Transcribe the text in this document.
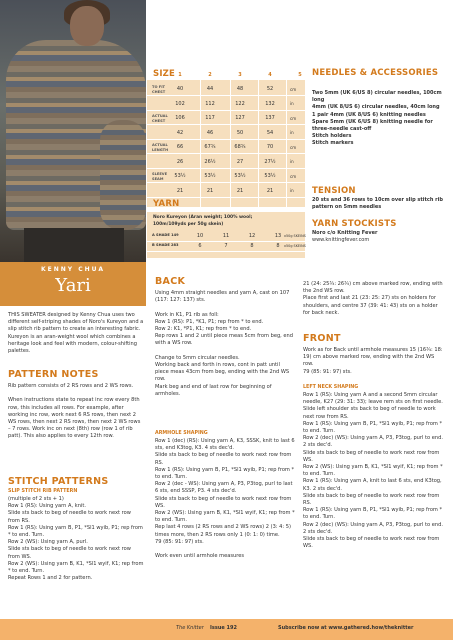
KENNY CHUA
Yari
SIZE 1	2	3	4	5
TO FIT CHEST	40	44	48	52	cm
102	112	122	132	in
ACTUAL CHEST	106	117	127	137	cm
42	46	50	54	in
ACTUAL LENGTH	66	67¾	68¾	70	cm
26	26½	27	27½	in
SLEEVE SEAM	53½	53½	53½	53½	cm
21	21	21	21	in
YARN
Noro Kureyon (Aran weight; 100% wool;
100m/109yds per 50g skein)
A SHADE 149	10	11	12	13 x50g SKEINS
B SHADE 283	6	7	8	8	x50g SKEINS
NEEDLES & ACCESSORIES
Two 5mm (UK 6/US 8) circular needles, 100cm long
4mm (UK 8/US 6) circular needles, 40cm long
1 pair 4mm (UK 8/US 6) knitting needles
Spare 5mm (UK 6/US 8) knitting needle for three-needle cast-off
Stitch holders
Stitch markers
TENSION
20 sts and 36 rows to 10cm over slip stitch rib pattern on 5mm needles
YARN STOCKISTS
Noro c/o Knitting Fever
www.knittingfever.com
THIS SWEATER designed by Kenny Chua uses two different self-striping shades of Noro's Kureyon and a slip stitch rib pattern to create an interesting fabric. Kureyon is an aran-weight wool which combines a heritage look and feel with modern, colour-shifting palettes.
PATTERN NOTES
Rib pattern consists of 2 RS rows and 2 WS rows.

When instructions state to repeat inc row every 8th row, this includes all rows. For example, after working inc row, work next 6 RS rows, then next 2 WS rows, then next 2 RS rows, then next 2 WS rows – 7 rows. Work inc on next (8th) row (row 1 of rib patt). This also applies to every 12th row.
STITCH PATTERNS
SLIP STITCH RIB PATTERN
(multiple of 2 sts + 1)
Row 1 (RS): Using yarn A, knit.
Slide sts back to beg of needle to work next row from RS.
Row 1 (RS): Using yarn B, P1, *Sl1 wyib, P1; rep from * to end. Turn.
Row 2 (WS): Using yarn A, purl.
Slide sts back to beg of needle to work next row from WS.
Row 2 (WS): Using yarn B, K1, *Sl1 wyif, K1; rep from * to end. Turn.
Repeat Rows 1 and 2 for pattern.
BACK
Using 4mm straight needles and yarn A, cast on 107 (117: 127: 137) sts.

Work in K1, P1 rib as foll:
Row 1 (RS): P1, *K1, P1; rep from * to end.
Row 2: K1, *P1, K1; rep from * to end.
Rep rows 1 and 2 until piece meas 5cm from beg, end with a WS row.

Change to 5mm circular needles.
Working back and forth in rows, cont in patt until piece meas 43cm from beg, ending with the 2nd WS row.
Mark beg and end of last row for beginning of armholes.
ARMHOLE SHAPING
Row 1 (dec) (RS): Using yarn A, K3, SSSK, knit to last 6 sts, end K3tog, K3. 4 sts dec'd.
Slide sts back to beg of needle to work next row from RS.
Row 1 (RS): Using yarn B, P1, *Sl1 wyib, P1; rep from * to end. Turn.
Row 2 (dec - WS): Using yarn A, P3, P3tog, purl to last 6 sts, end SSSP, P3. 4 sts dec'd.
Slide sts back to beg of needle to work next row from WS.
Row 2 (WS): Using yarn B, K1, *Sl1 wyif, K1; rep from * to end. Turn.
Rep last 4 rows (2 RS rows and 2 WS rows) 2 (3: 4: 5) times more, then 2 RS rows only 1 (0: 1: 0) time.
79 (85: 91: 97) sts.

Work even until armhole measures
21 (24: 25¾: 26¾) cm above marked row, ending with the 2nd WS row.
Place first and last 21 (23: 25: 27) sts on holders for shoulders, and centre 37 (39: 41: 43) sts on a holder for back neck.
FRONT
Work as for Back until armhole measures 15 (16¾: 18: 19) cm above marked row, ending with the 2nd WS row.
79 (85: 91: 97) sts.
LEFT NECK SHAPING
Row 1 (RS): Using yarn A and a second 5mm circular needle, K27 (29: 31: 33); leave rem sts on first needle.
Slide left shoulder sts back to beg of needle to work next row from RS.
Row 1 (RS): Using yarn B, P1, *Sl1 wyib, P1; rep from * to end. Turn.
Row 2 (dec) (WS): Using yarn A, P3, P3tog, purl to end. 2 sts dec'd.
Slide sts back to beg of needle to work next row from WS.
Row 2 (WS): Using yarn B, K1, *Sl1 wyif, K1; rep from * to end. Turn.
Row 1 (RS): Using yarn A, knit to last 6 sts, end K3tog, K3. 2 sts dec'd.
Slide sts back to beg of needle to work next row from RS.
Row 1 (RS): Using yarn B, P1, *Sl1 wyib, P1; rep from * to end. Turn.
Row 2 (dec) (WS): Using yarn A, P3, P3tog, purl to end. 2 sts dec'd.
Slide sts back to beg of needle to work next row from WS.
The Knitter Issue 192	Subscribe now at www.gathered.how/theknitter
